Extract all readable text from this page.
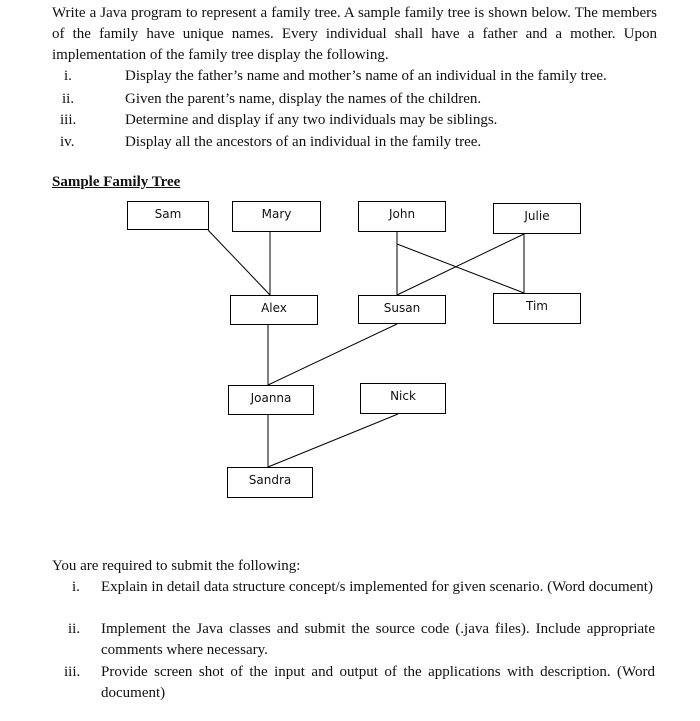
Write a Java program to represent a family tree. A sample family tree is shown below. The members of the family have unique names. Every individual shall have a father and a mother. Upon implementation of the family tree display the following.

i.	Display the father’s name and mother’s name of an individual in the family tree.
ii.	Given the parent’s name, display the names of the children.
iii.	Determine and display if any two individuals may be siblings.
iv.	Display all the ancestors of an individual in the family tree.
Sample Family Tree
Sam	Mary	John	Julie
Alex	Susan	Tim
Joanna	Nick
Sandra
You are required to submit the following:
i. Explain in detail data structure concept/s implemented for given scenario. (Word document)
ii. Implement the Java classes and submit the source code (.java files). Include appropriate comments where necessary.
iii. Provide screen shot of the input and output of the applications with description. (Word document)
